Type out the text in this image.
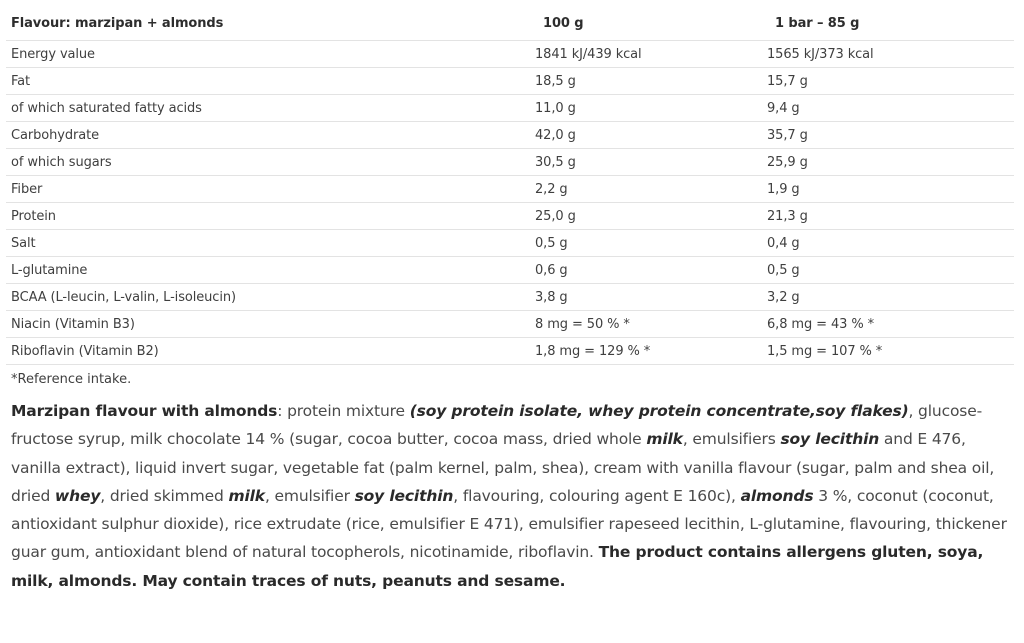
Flavour: marzipan + almonds	100 g	1 bar – 85 g
Energy value	1841 kJ/439 kcal	1565 kJ/373 kcal
Fat	18,5 g	15,7 g
of which saturated fatty acids	11,0 g	9,4 g
Carbohydrate	42,0 g	35,7 g
of which sugars	30,5 g	25,9 g
Fiber	2,2 g	1,9 g
Protein	25,0 g	21,3 g
Salt	0,5 g	0,4 g
L-glutamine	0,6 g	0,5 g
BCAA (L-leucin, L-valin, L-isoleucin)	3,8 g	3,2 g
Niacin (Vitamin B3)	8 mg = 50 % *	6,8 mg = 43 % *
Riboflavin (Vitamin B2)	1,8 mg = 129 % *	1,5 mg = 107 % *
*Reference intake.

Marzipan flavour with almonds: protein mixture (soy protein isolate, whey protein concentrate,soy flakes), glucose-fructose syrup, milk chocolate 14 % (sugar, cocoa butter, cocoa mass, dried whole milk, emulsifiers soy lecithin and E 476, vanilla extract), liquid invert sugar, vegetable fat (palm kernel, palm, shea), cream with vanilla flavour (sugar, palm and shea oil, dried whey, dried skimmed milk, emulsifier soy lecithin, flavouring, colouring agent E 160c), almonds 3 %, coconut (coconut, antioxidant sulphur dioxide), rice extrudate (rice, emulsifier E 471), emulsifier rapeseed lecithin, L-glutamine, flavouring, thickener guar gum, antioxidant blend of natural tocopherols, nicotinamide, riboflavin. The product contains allergens gluten, soya, milk, almonds. May contain traces of nuts, peanuts and sesame.
